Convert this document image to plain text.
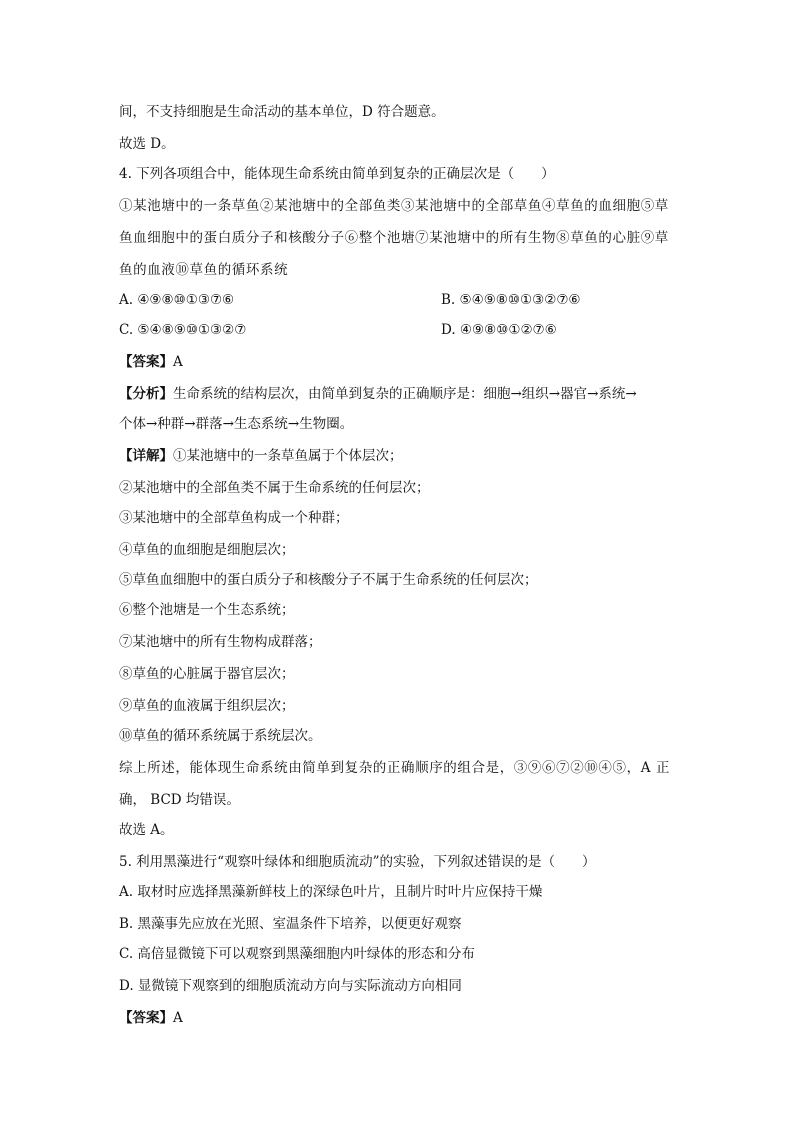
间，不支持细胞是生命活动的基本单位，D 符合题意。

故选 D。

4. 下列各项组合中，能体现生命系统由简单到复杂的正确层次是（　　）

①某池塘中的一条草鱼②某池塘中的全部鱼类③某池塘中的全部草鱼④草鱼的血细胞⑤草

鱼血细胞中的蛋白质分子和核酸分子⑥整个池塘⑦某池塘中的所有生物⑧草鱼的心脏⑨草

鱼的血液⑩草鱼的循环系统

A. ④⑨⑧⑩①③⑦⑥	B. ⑤④⑨⑧⑩①③②⑦⑥

C. ⑤④⑧⑨⑩①③②⑦	D. ④⑨⑧⑩①②⑦⑥

【答案】A

【分析】生命系统的结构层次，由简单到复杂的正确顺序是：细胞→组织→器官→系统→

个体→种群→群落→生态系统→生物圈。

【详解】①某池塘中的一条草鱼属于个体层次；

②某池塘中的全部鱼类不属于生命系统的任何层次；

③某池塘中的全部草鱼构成一个种群；

④草鱼的血细胞是细胞层次；

⑤草鱼血细胞中的蛋白质分子和核酸分子不属于生命系统的任何层次；

⑥整个池塘是一个生态系统；

⑦某池塘中的所有生物构成群落；

⑧草鱼的心脏属于器官层次；

⑨草鱼的血液属于组织层次；

⑩草鱼的循环系统属于系统层次。

综上所述，能体现生命系统由简单到复杂的正确顺序的组合是，③⑨⑥⑦②⑩④⑤，A 正

确， BCD 均错误。

故选 A。

5. 利用黑藻进行“观察叶绿体和细胞质流动”的实验，下列叙述错误的是（　　）

A. 取材时应选择黑藻新鲜枝上的深绿色叶片，且制片时叶片应保持干燥

B. 黑藻事先应放在光照、室温条件下培养，以便更好观察

C. 高倍显微镜下可以观察到黑藻细胞内叶绿体的形态和分布

D. 显微镜下观察到的细胞质流动方向与实际流动方向相同

【答案】A
